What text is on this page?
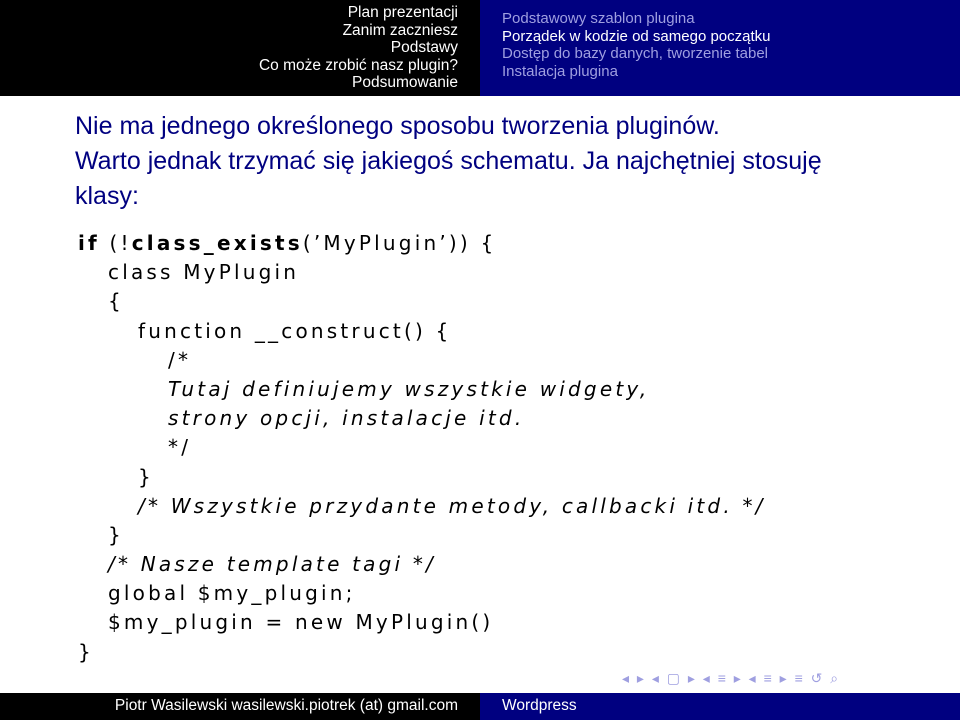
Plan prezentacji
Zanim zaczniesz
Podstawy
Co może zrobić nasz plugin?
Podsumowanie
Podstawowy szablon plugina
Porządek w kodzie od samego początku
Dostęp do bazy danych, tworzenie tabel
Instalacja plugina
Nie ma jednego określonego sposobu tworzenia pluginów.
Warto jednak trzymać się jakiegoś schematu. Ja najchętniej stosuję
klasy:
if (!class_exists(’MyPlugin’)) {
class MyPlugin
{
function __construct() {
/*
Tutaj definiujemy wszystkie widgety,
strony opcji, instalacje itd.
*/
}
/* Wszystkie przydante metody, callbacki itd. */
}
/* Nasze template tagi */
global $my_plugin;
$my_plugin = new MyPlugin()
}
◂ ▸ ◂ ▢ ▸ ◂ ≡ ▸ ◂ ≡ ▸ ≡ ↺ ⌕
Piotr Wasilewski wasilewski.piotrek (at) gmail.com	Wordpress
